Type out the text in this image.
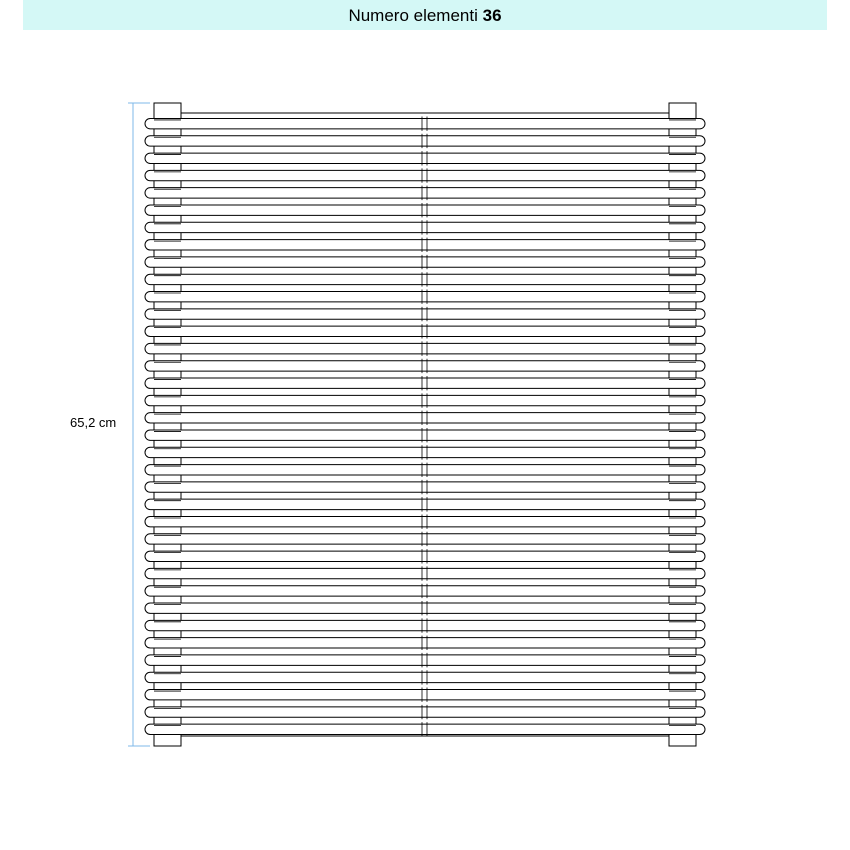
Numero elementi 36
65,2 cm
